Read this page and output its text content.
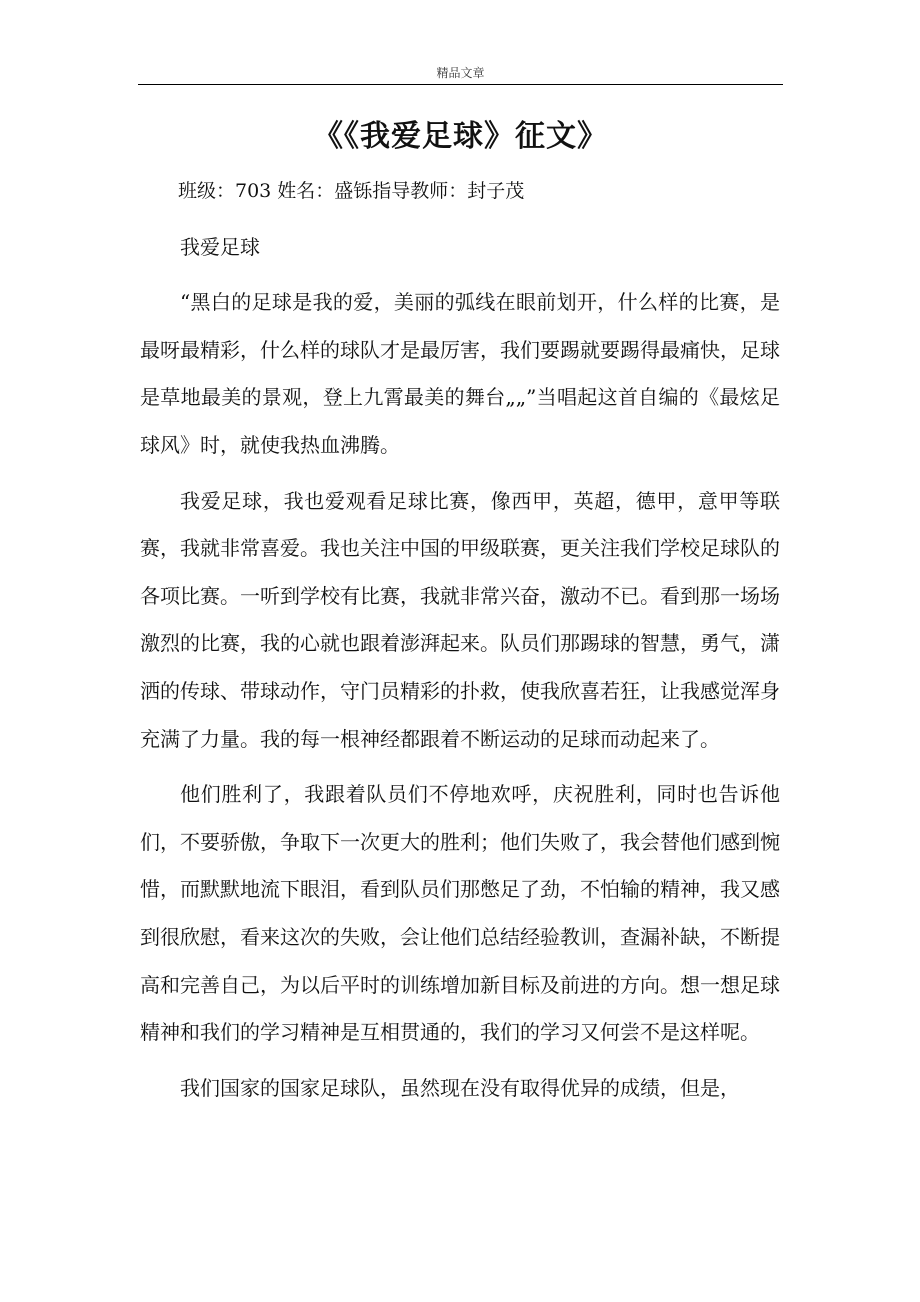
精品文章
《《我爱足球》征文》

班级：703 姓名：盛铄指导教师：封子茂

我爱足球

“黑白的足球是我的爱，美丽的弧线在眼前划开，什么样的比赛，是最呀最精彩，什么样的球队才是最厉害，我们要踢就要踢得最痛快，足球是草地最美的景观，登上九霄最美的舞台„„”当唱起这首自编的《最炫足球风》时，就使我热血沸腾。

我爱足球，我也爱观看足球比赛，像西甲，英超，德甲，意甲等联赛，我就非常喜爱。我也关注中国的甲级联赛，更关注我们学校足球队的各项比赛。一听到学校有比赛，我就非常兴奋，激动不已。看到那一场场激烈的比赛，我的心就也跟着澎湃起来。队员们那踢球的智慧，勇气，潇洒的传球、带球动作，守门员精彩的扑救，使我欣喜若狂，让我感觉浑身充满了力量。我的每一根神经都跟着不断运动的足球而动起来了。

他们胜利了，我跟着队员们不停地欢呼，庆祝胜利，同时也告诉他们，不要骄傲，争取下一次更大的胜利；他们失败了，我会替他们感到惋惜，而默默地流下眼泪，看到队员们那憋足了劲，不怕输的精神，我又感到很欣慰，看来这次的失败，会让他们总结经验教训，查漏补缺，不断提高和完善自己，为以后平时的训练增加新目标及前进的方向。想一想足球精神和我们的学习精神是互相贯通的，我们的学习又何尝不是这样呢。

我们国家的国家足球队，虽然现在没有取得优异的成绩，但是，
